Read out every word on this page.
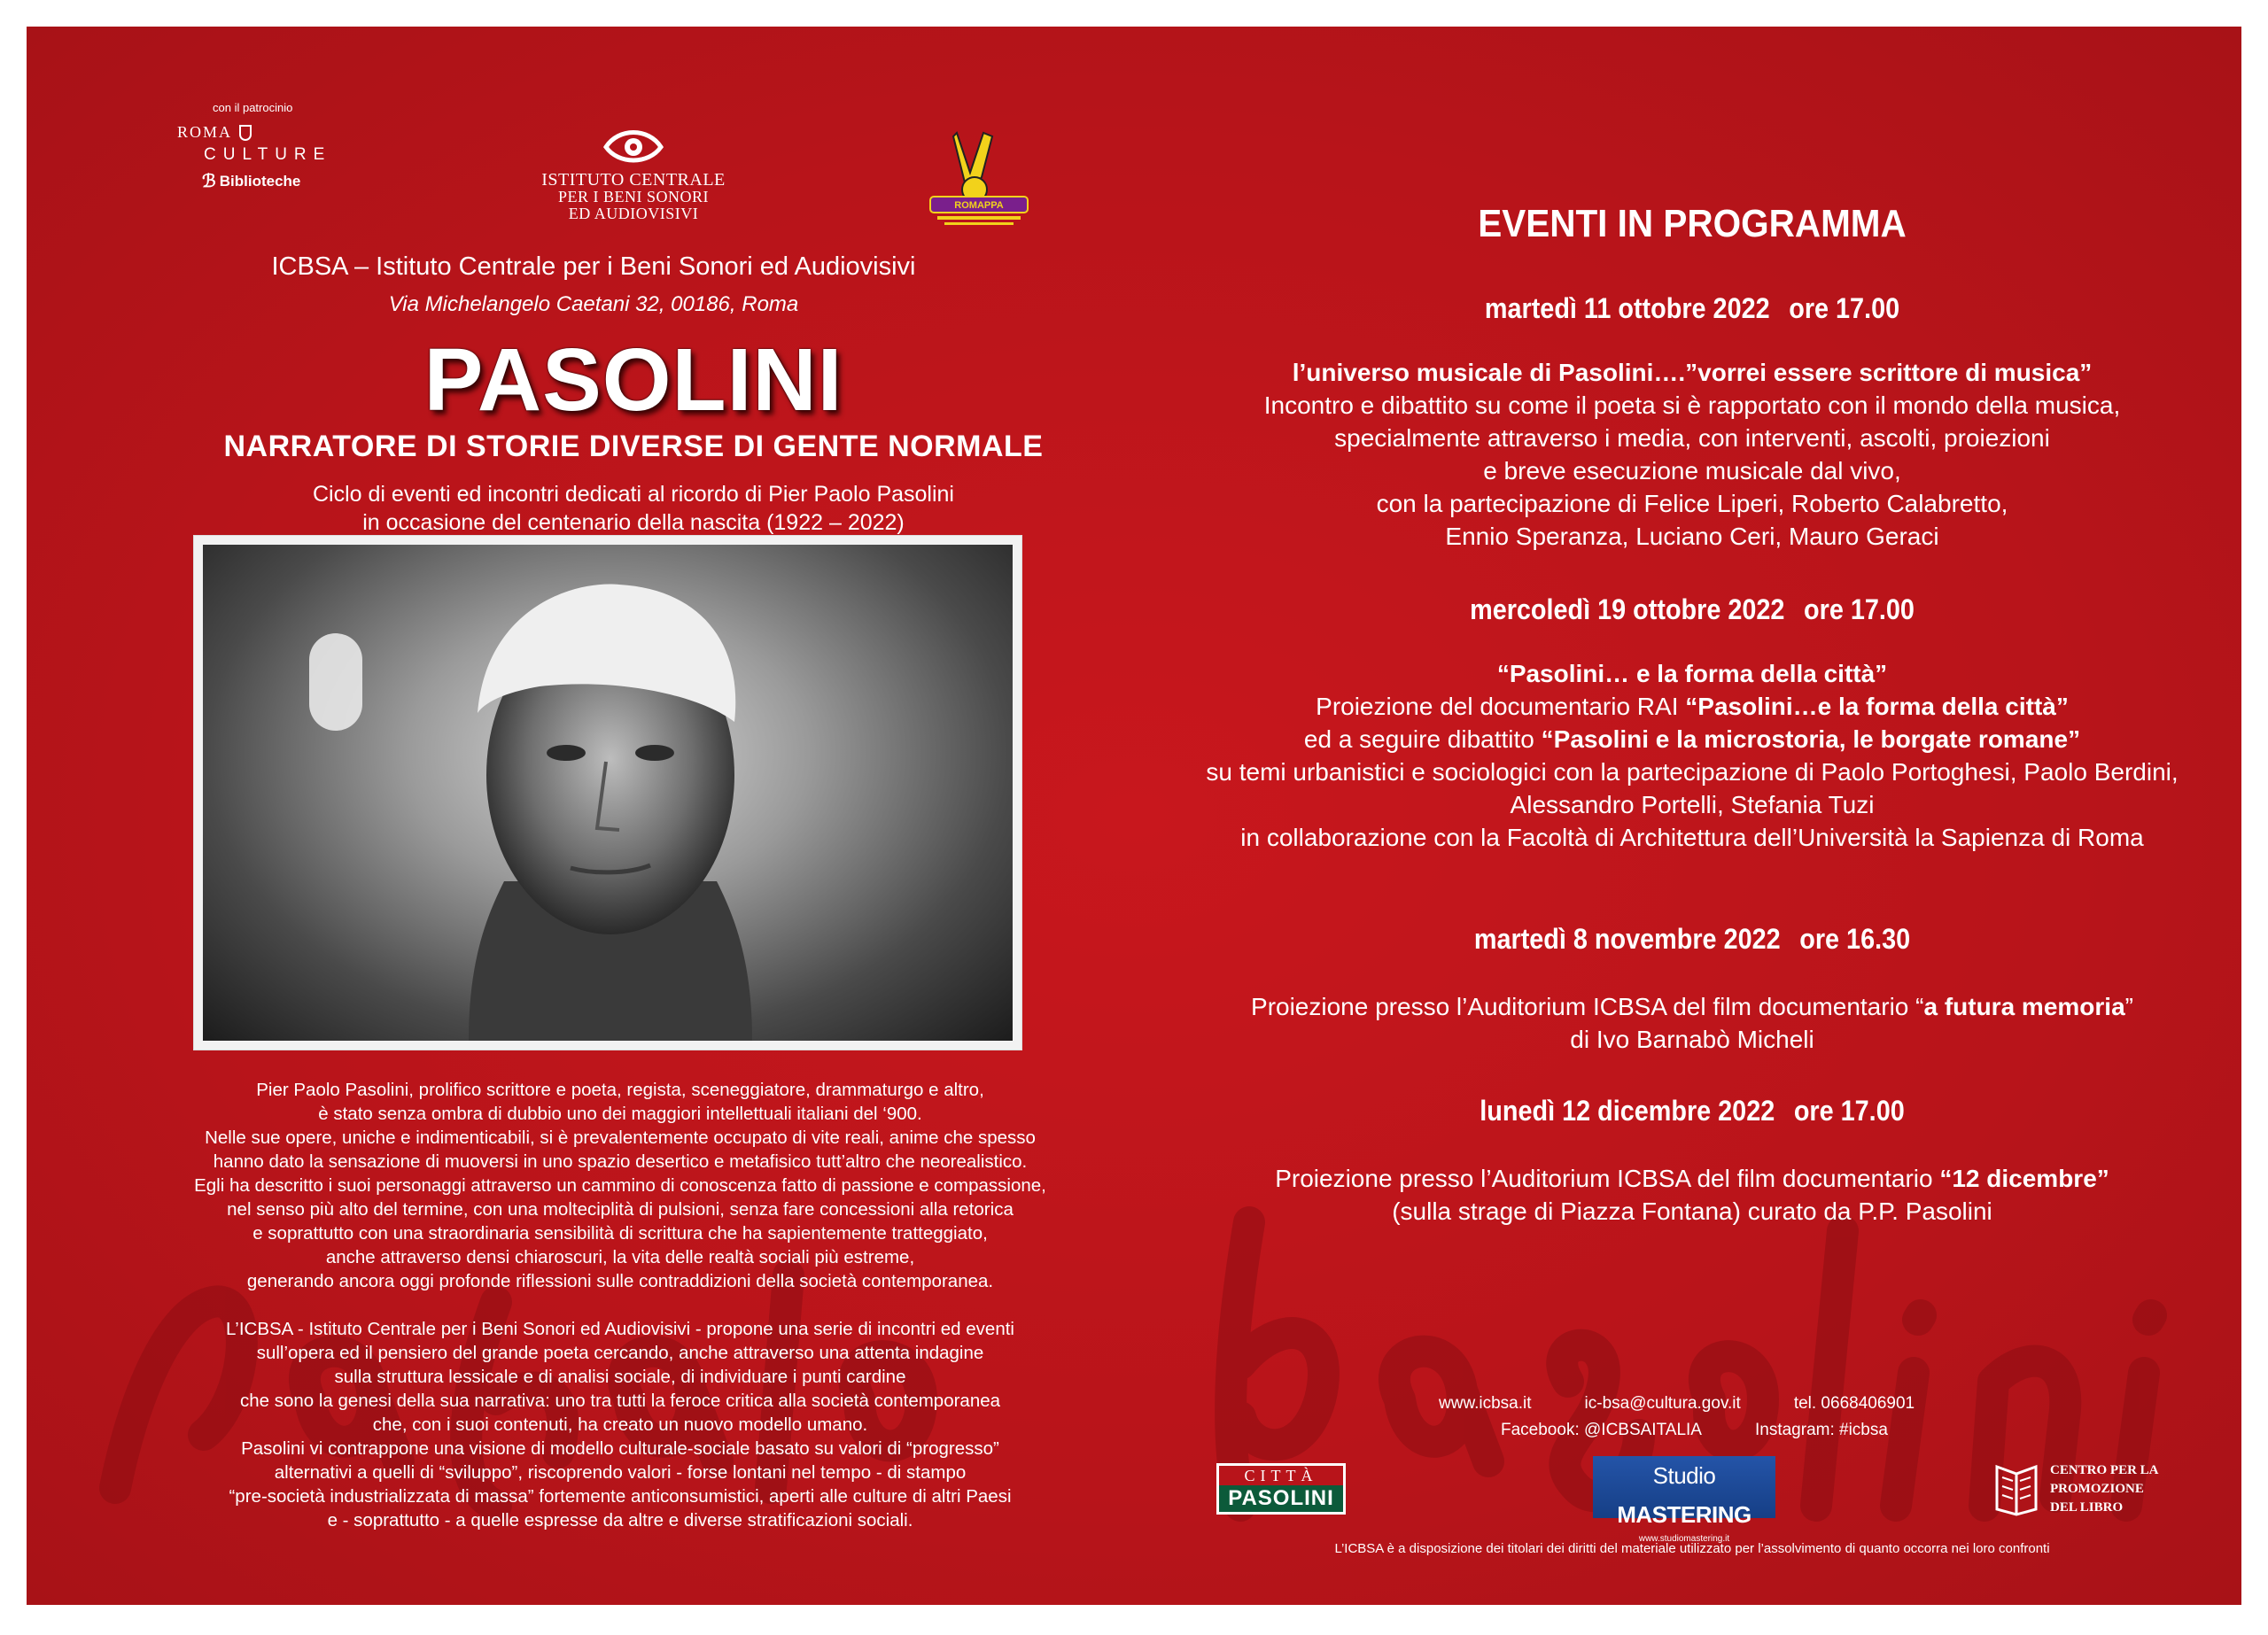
con il patrocinio
ROMA
CULTURE
ℬ Biblioteche	ISTITUTO CENTRALE
PER I BENI SONORI
ED AUDIOVISIVI	ROMAPPA
ICBSA – Istituto Centrale per i Beni Sonori ed Audiovisivi
Via Michelangelo Caetani 32, 00186, Roma
PASOLINI
NARRATORE DI STORIE DIVERSE DI GENTE NORMALE
Ciclo di eventi ed incontri dedicati al ricordo di Pier Paolo Pasolini
in occasione del centenario della nascita (1922 – 2022)

Pier Paolo Pasolini, prolifico scrittore e poeta, regista, sceneggiatore, drammaturgo e altro,
è stato senza ombra di dubbio uno dei maggiori intellettuali italiani del ‘900.
Nelle sue opere, uniche e indimenticabili, si è prevalentemente occupato di vite reali, anime che spesso
hanno dato la sensazione di muoversi in uno spazio desertico e metafisico tutt’altro che neorealistico.
Egli ha descritto i suoi personaggi attraverso un cammino di conoscenza fatto di passione e compassione,
nel senso più alto del termine, con una molteciplità di pulsioni, senza fare concessioni alla retorica
e soprattutto con una straordinaria sensibilità di scrittura che ha sapientemente tratteggiato,
anche attraverso densi chiaroscuri, la vita delle realtà sociali più estreme,
generando ancora oggi profonde riflessioni sulle contraddizioni della società contemporanea.

L’ICBSA - Istituto Centrale per i Beni Sonori ed Audiovisivi - propone una serie di incontri ed eventi
sull’opera ed il pensiero del grande poeta cercando, anche attraverso una attenta indagine
sulla struttura lessicale e di analisi sociale, di individuare i punti cardine
che sono la genesi della sua narrativa: uno tra tutti la feroce critica alla società contemporanea
che, con i suoi contenuti, ha creato un nuovo modello umano.
Pasolini vi contrappone una visione di modello culturale-sociale basato su valori di “progresso”
alternativi a quelli di “sviluppo”, riscoprendo valori - forse lontani nel tempo - di stampo
“pre-società industrializzata di massa” fortemente anticonsumistici, aperti alle culture di altri Paesi
e - soprattutto - a quelle espresse da altre e diverse stratificazioni sociali.

EVENTI IN PROGRAMMA
martedì 11 ottobre 2022 ore 17.00
l’universo musicale di Pasolini….”vorrei essere scrittore di musica”
Incontro e dibattito su come il poeta si è rapportato con il mondo della musica,
specialmente attraverso i media, con interventi, ascolti, proiezioni
e breve esecuzione musicale dal vivo,
con la partecipazione di Felice Liperi, Roberto Calabretto,
Ennio Speranza, Luciano Ceri, Mauro Geraci
mercoledì 19 ottobre 2022 ore 17.00
“Pasolini… e la forma della città”
Proiezione del documentario RAI “Pasolini…e la forma della città”
ed a seguire dibattito “Pasolini e la microstoria, le borgate romane”
su temi urbanistici e sociologici con la partecipazione di Paolo Portoghesi, Paolo Berdini,
Alessandro Portelli, Stefania Tuzi
in collaborazione con la Facoltà di Architettura dell’Università la Sapienza di Roma
martedì 8 novembre 2022 ore 16.30
Proiezione presso l’Auditorium ICBSA del film documentario “a futura memoria”
di Ivo Barnabò Micheli
lunedì 12 dicembre 2022 ore 17.00
Proiezione presso l’Auditorium ICBSA del film documentario “12 dicembre”
(sulla strage di Piazza Fontana) curato da P.P. Pasolini
www.icbsa.it	ic-bsa@cultura.gov.it	tel. 0668406901
Facebook: @ICBSAITALIA	Instagram: #icbsa
CITTÀ
PASOLINI
Studio MASTERING
www.studiomastering.it
CENTRO PER LA
PROMOZIONE
DEL LIBRO
L’ICBSA è a disposizione dei titolari dei diritti del materiale utilizzato per l’assolvimento di quanto occorra nei loro confronti
